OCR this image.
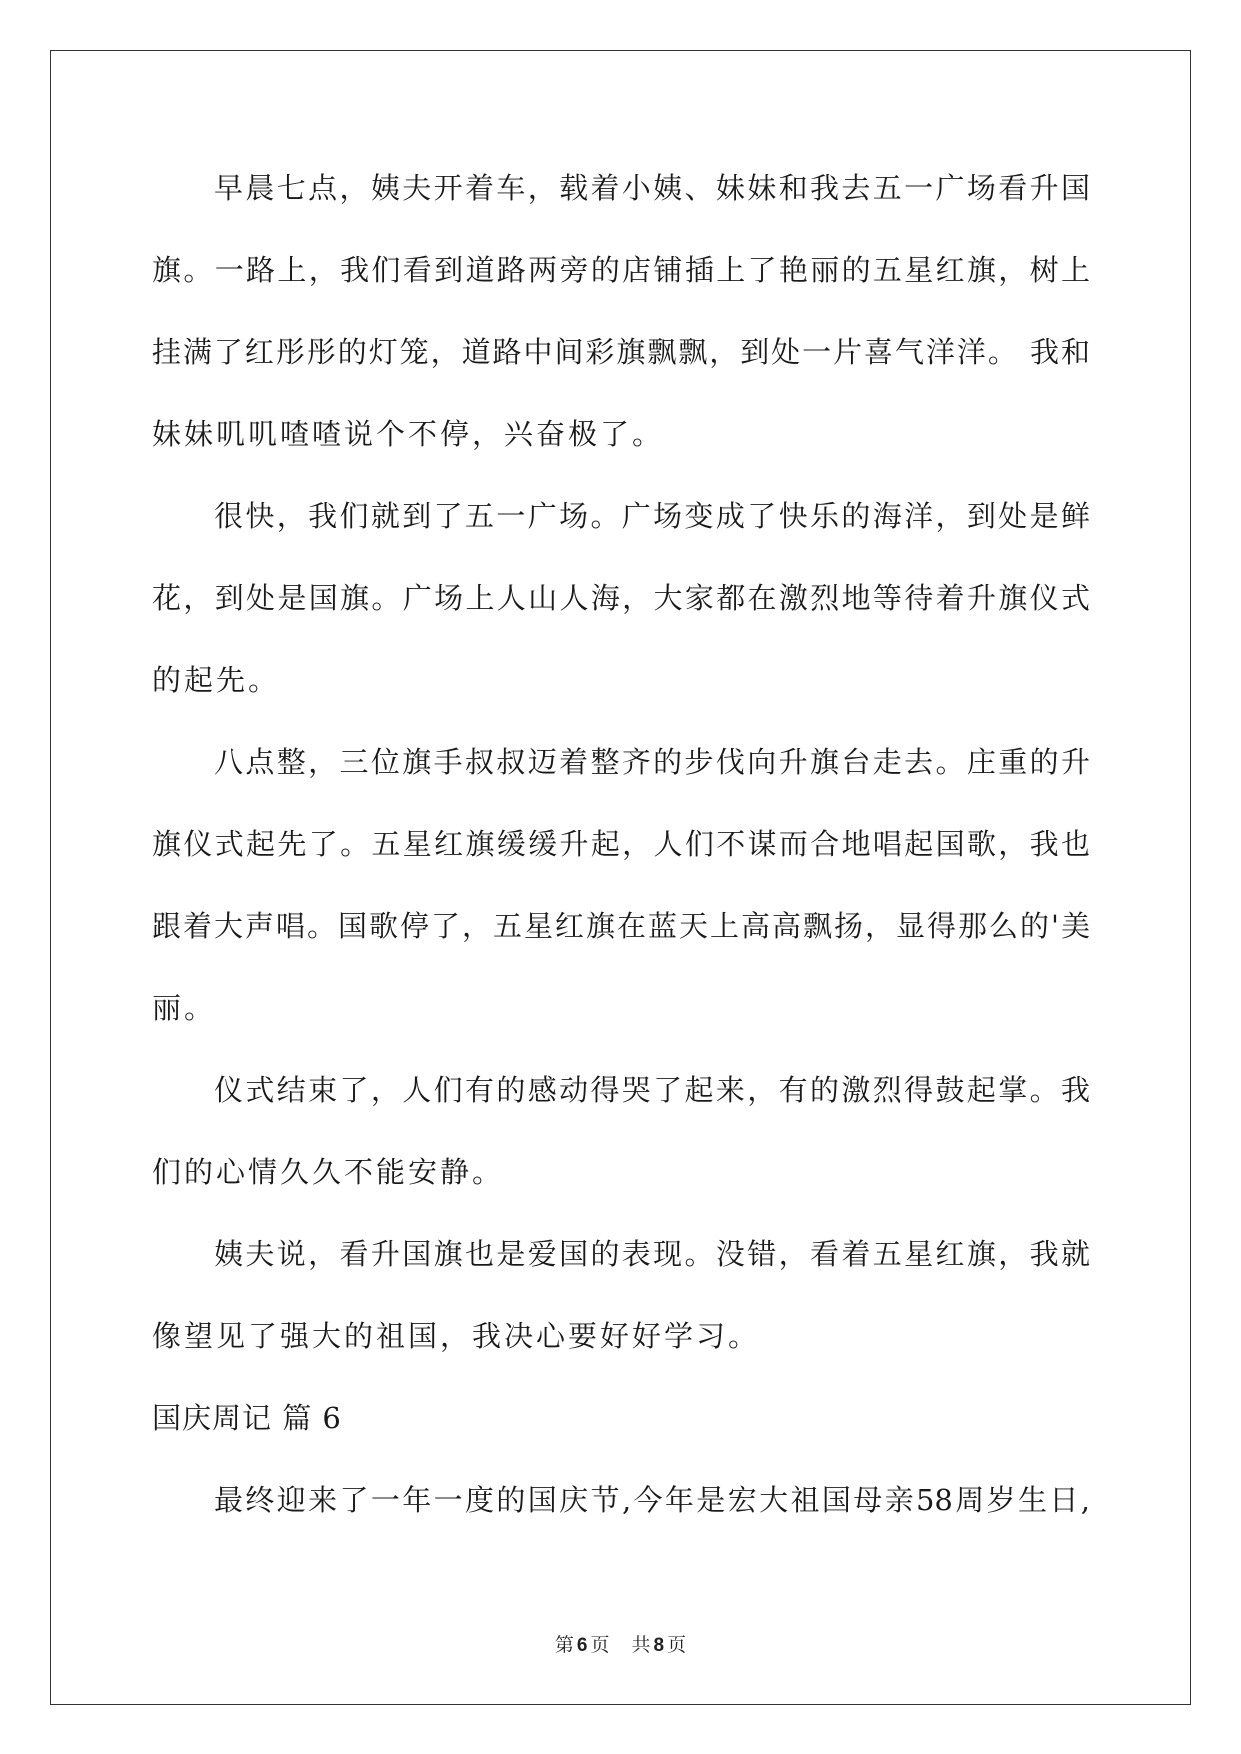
早晨七点，姨夫开着车，载着小姨、妹妹和我去五一广场看升国
旗。一路上，我们看到道路两旁的店铺插上了艳丽的五星红旗，树上
挂满了红彤彤的灯笼，道路中间彩旗飘飘，到处一片喜气洋洋。 我和
妹妹叽叽喳喳说个不停，兴奋极了。
很快，我们就到了五一广场。广场变成了快乐的海洋，到处是鲜
花，到处是国旗。广场上人山人海，大家都在激烈地等待着升旗仪式
的起先。
八点整，三位旗手叔叔迈着整齐的步伐向升旗台走去。庄重的升
旗仪式起先了。五星红旗缓缓升起，人们不谋而合地唱起国歌，我也
跟着大声唱。国歌停了，五星红旗在蓝天上高高飘扬，显得那么的'美
丽。
仪式结束了，人们有的感动得哭了起来，有的激烈得鼓起掌。我
们的心情久久不能安静。
姨夫说，看升国旗也是爱国的表现。没错，看着五星红旗，我就
像望见了强大的祖国，我决心要好好学习。
国庆周记 篇 6
最终迎来了一年一度的国庆节,今年是宏大祖国母亲58周岁生日,
第 6 页 共 8 页
